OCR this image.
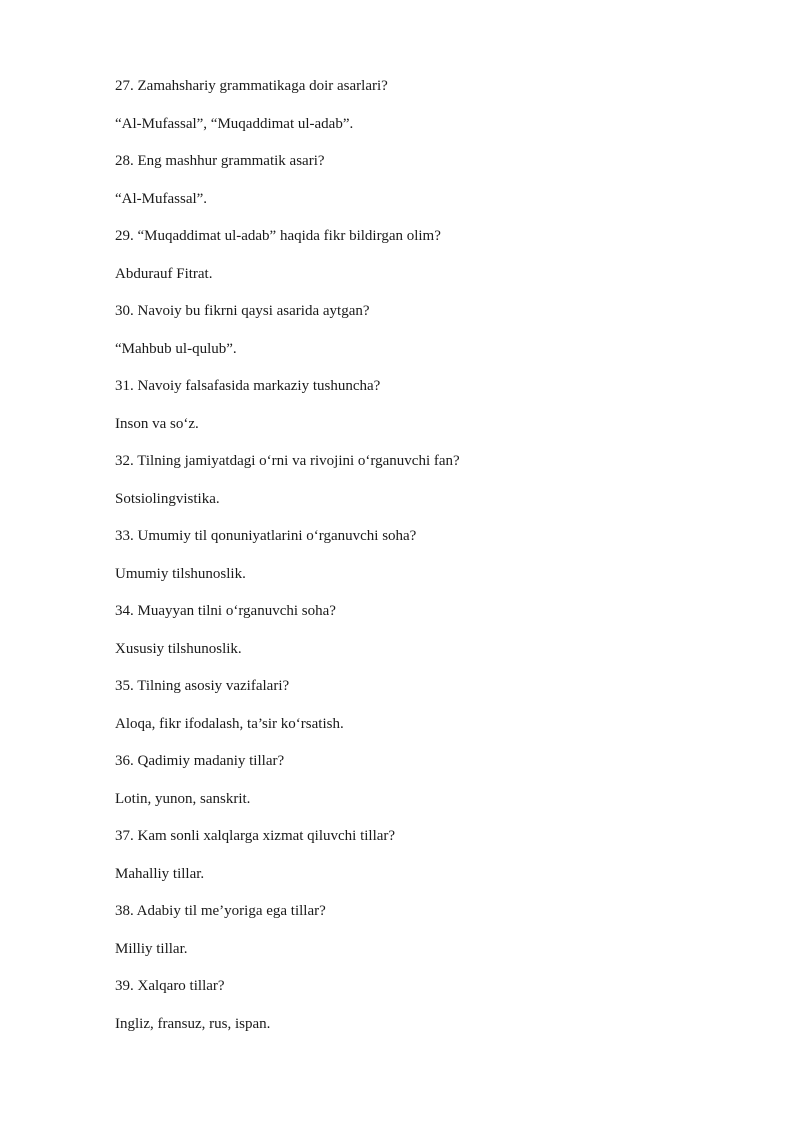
27. Zamahshariy grammatikaga doir asarlari?
“Al-Mufassal”, “Muqaddimat ul-adab”.
28. Eng mashhur grammatik asari?
“Al-Mufassal”.
29. “Muqaddimat ul-adab” haqida fikr bildirgan olim?
Abdurauf Fitrat.
30. Navoiy bu fikrni qaysi asarida aytgan?
“Mahbub ul-qulub”.
31. Navoiy falsafasida markaziy tushuncha?
Inson va so‘z.
32. Tilning jamiyatdagi o‘rni va rivojini o‘rganuvchi fan?
Sotsiolingvistika.
33. Umumiy til qonuniyatlarini o‘rganuvchi soha?
Umumiy tilshunoslik.
34. Muayyan tilni o‘rganuvchi soha?
Xususiy tilshunoslik.
35. Tilning asosiy vazifalari?
Aloqa, fikr ifodalash, ta’sir ko‘rsatish.
36. Qadimiy madaniy tillar?
Lotin, yunon, sanskrit.
37. Kam sonli xalqlarga xizmat qiluvchi tillar?
Mahalliy tillar.
38. Adabiy til me’yoriga ega tillar?
Milliy tillar.
39. Xalqaro tillar?
Ingliz, fransuz, rus, ispan.
